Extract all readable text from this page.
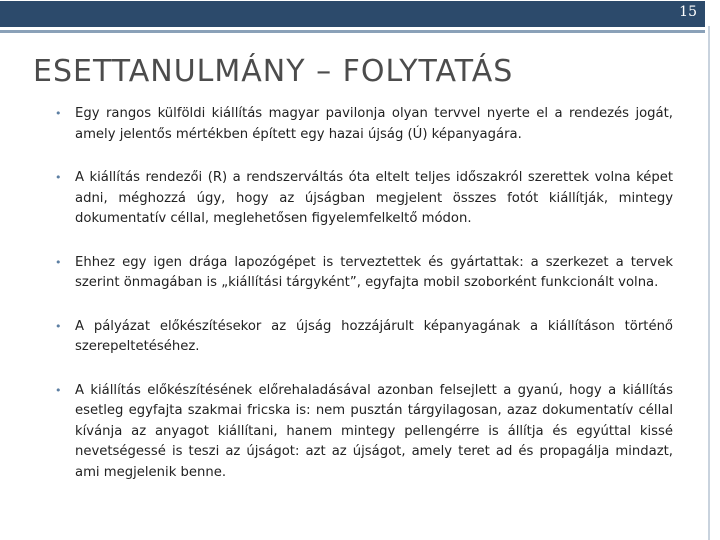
15
ESETTANULMÁNY – FOLYTATÁS
• Egy rangos külföldi kiállítás magyar pavilonja olyan tervvel nyerte el a rendezés jogát, amely jelentős mértékben épített egy hazai újság (Ú) képanyagára.
• A kiállítás rendezői (R) a rendszerváltás óta eltelt teljes időszakról szerettek volna képet adni, méghozzá úgy, hogy az újságban megjelent összes fotót kiállítják, mintegy dokumentatív céllal, meglehetősen figyelemfelkeltő módon.
• Ehhez egy igen drága lapozógépet is terveztettek és gyártattak: a szerkezet a tervek szerint önmagában is „kiállítási tárgyként”, egyfajta mobil szoborként funkcionált volna.
• A pályázat előkészítésekor az újság hozzájárult képanyagának a kiállításon történő szerepeltetéséhez.
• A kiállítás előkészítésének előrehaladásával azonban felsejlett a gyanú, hogy a kiállítás esetleg egyfajta szakmai fricska is: nem pusztán tárgyilagosan, azaz dokumentatív céllal kívánja az anyagot kiállítani, hanem mintegy pellengérre is állítja és egyúttal kissé nevetségessé is teszi az újságot: azt az újságot, amely teret ad és propagálja mindazt, ami megjelenik benne.
